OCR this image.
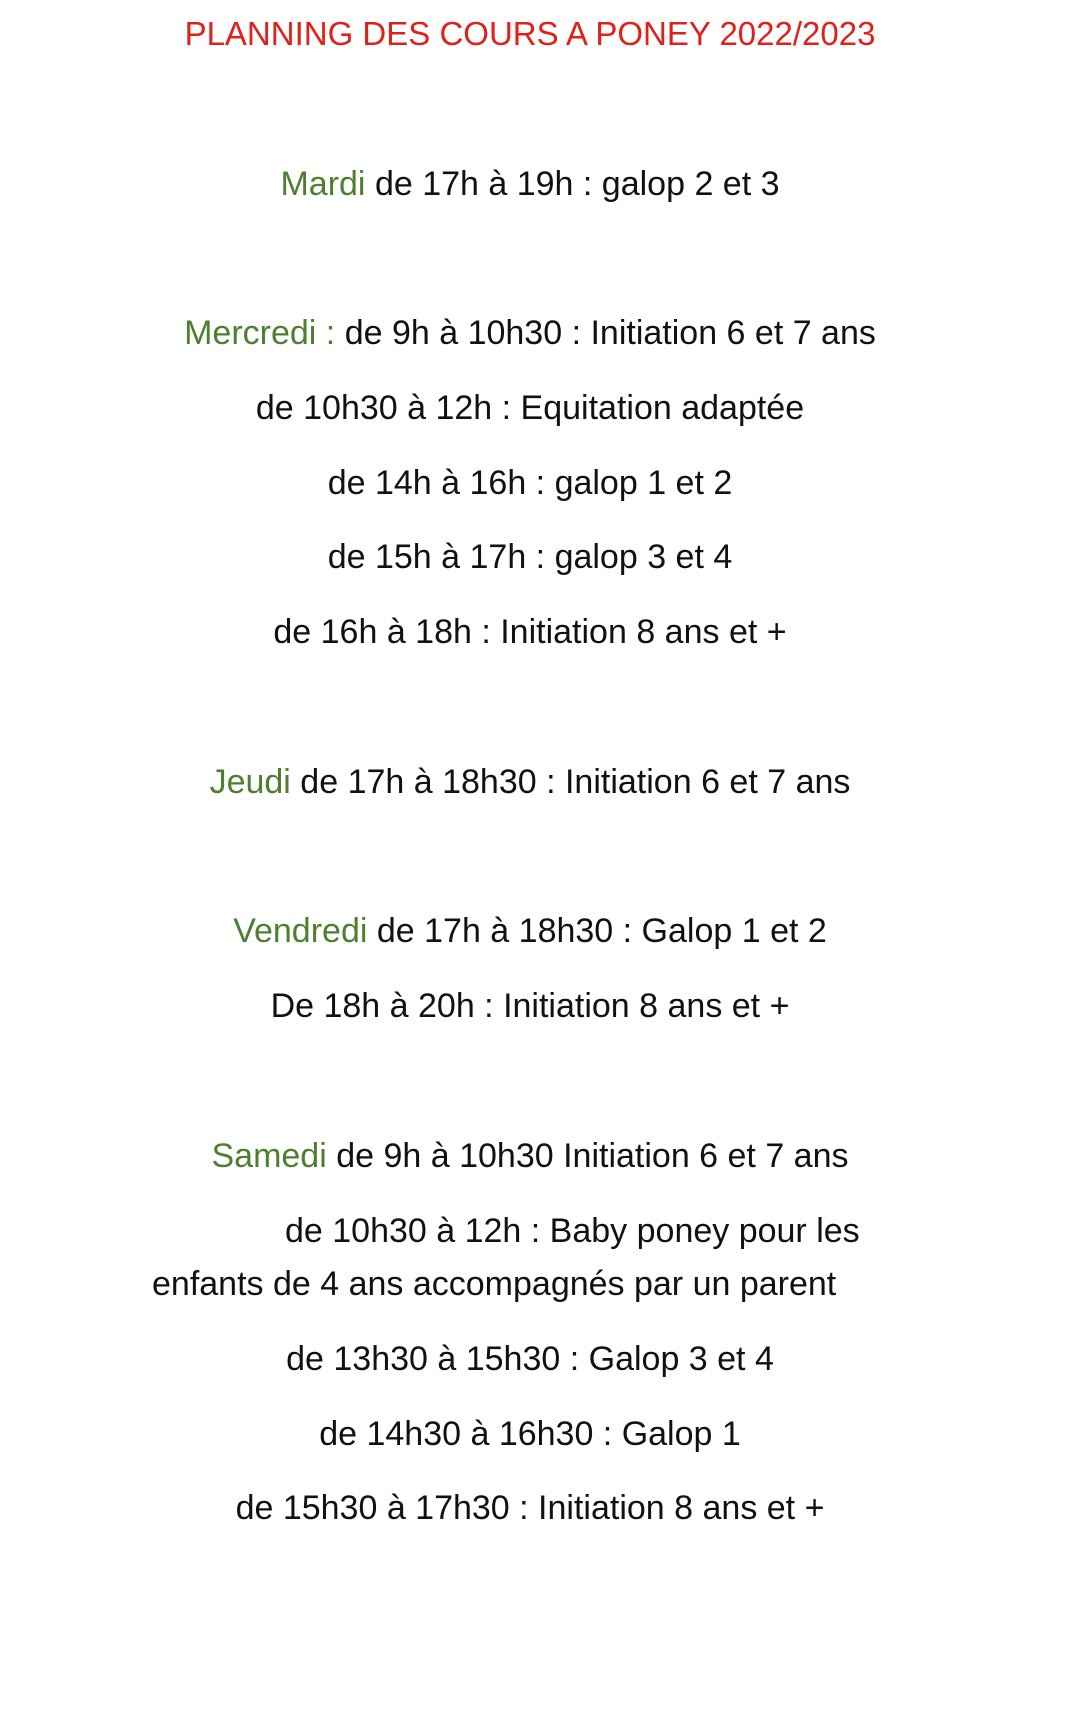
PLANNING DES COURS A PONEY 2022/2023
Mardi de 17h à 19h : galop 2 et 3
Mercredi : de 9h à 10h30 : Initiation 6 et 7 ans
de 10h30 à 12h : Equitation adaptée
de 14h à 16h : galop 1 et 2
de 15h à 17h : galop 3 et 4
de 16h à 18h : Initiation 8 ans et +
Jeudi de 17h à 18h30 : Initiation 6 et 7 ans
Vendredi de 17h à 18h30 : Galop 1 et 2
De 18h à 20h : Initiation 8 ans et +
Samedi de 9h à 10h30 Initiation 6 et 7 ans
de 10h30 à 12h : Baby poney pour les
enfants de 4 ans accompagnés par un parent
de 13h30 à 15h30 : Galop 3 et 4
de 14h30 à 16h30 : Galop 1
de 15h30 à 17h30 : Initiation 8 ans et +
